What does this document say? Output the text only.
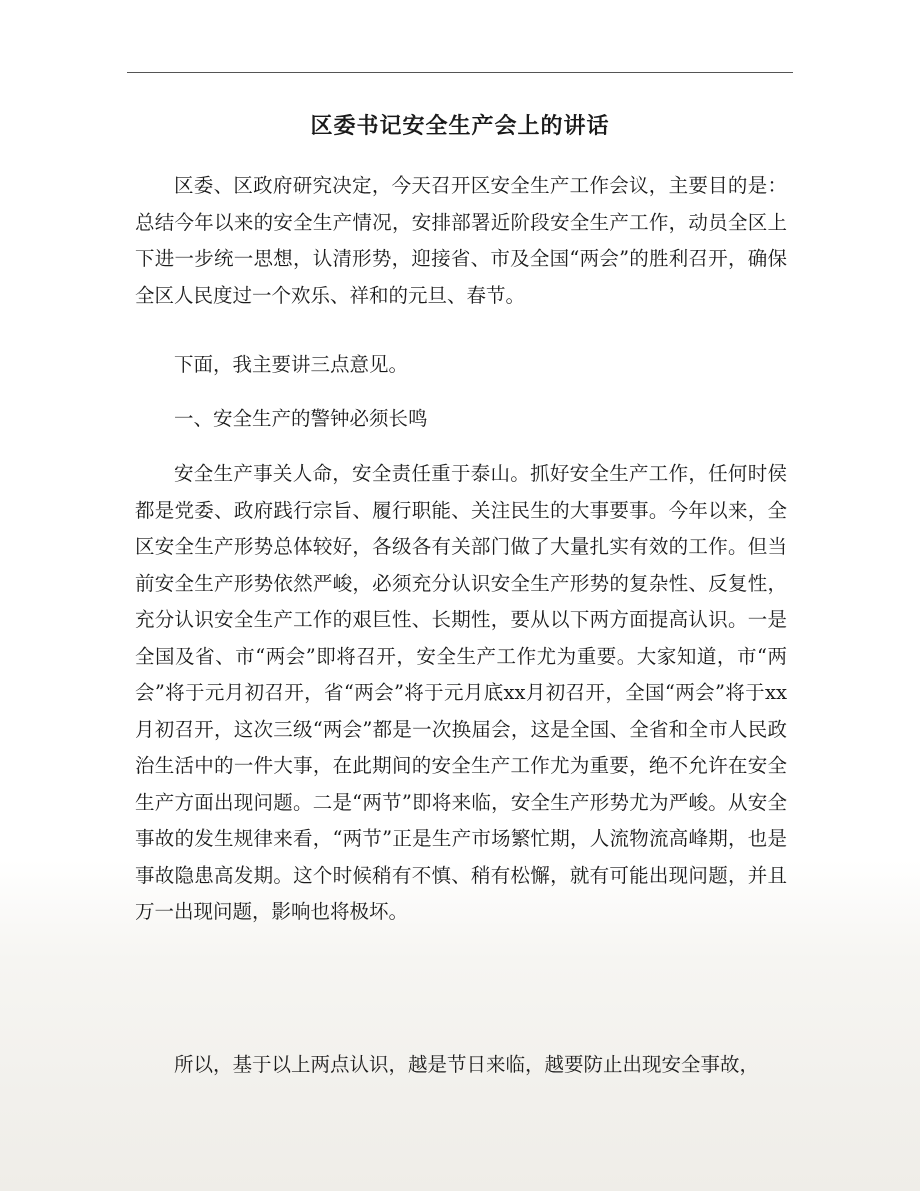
区委书记安全生产会上的讲话

区委、区政府研究决定，今天召开区安全生产工作会议，主要目的是：总结今年以来的安全生产情况，安排部署近阶段安全生产工作，动员全区上下进一步统一思想，认清形势，迎接省、市及全国“两会”的胜利召开，确保全区人民度过一个欢乐、祥和的元旦、春节。

下面，我主要讲三点意见。

一、安全生产的警钟必须长鸣

安全生产事关人命，安全责任重于泰山。抓好安全生产工作，任何时侯都是党委、政府践行宗旨、履行职能、关注民生的大事要事。今年以来，全区安全生产形势总体较好，各级各有关部门做了大量扎实有效的工作。但当前安全生产形势依然严峻，必须充分认识安全生产形势的复杂性、反复性，充分认识安全生产工作的艰巨性、长期性，要从以下两方面提高认识。一是全国及省、市“两会”即将召开，安全生产工作尤为重要。大家知道，市“两会”将于元月初召开，省“两会”将于元月底xx月初召开，全国“两会”将于xx月初召开，这次三级“两会”都是一次换届会，这是全国、全省和全市人民政治生活中的一件大事，在此期间的安全生产工作尤为重要，绝不允许在安全生产方面出现问题。二是“两节”即将来临，安全生产形势尤为严峻。从安全事故的发生规律来看，“两节”正是生产市场繁忙期，人流物流高峰期，也是事故隐患高发期。这个时候稍有不慎、稍有松懈，就有可能出现问题，并且万一出现问题，影响也将极坏。

所以，基于以上两点认识，越是节日来临，越要防止出现安全事故，
